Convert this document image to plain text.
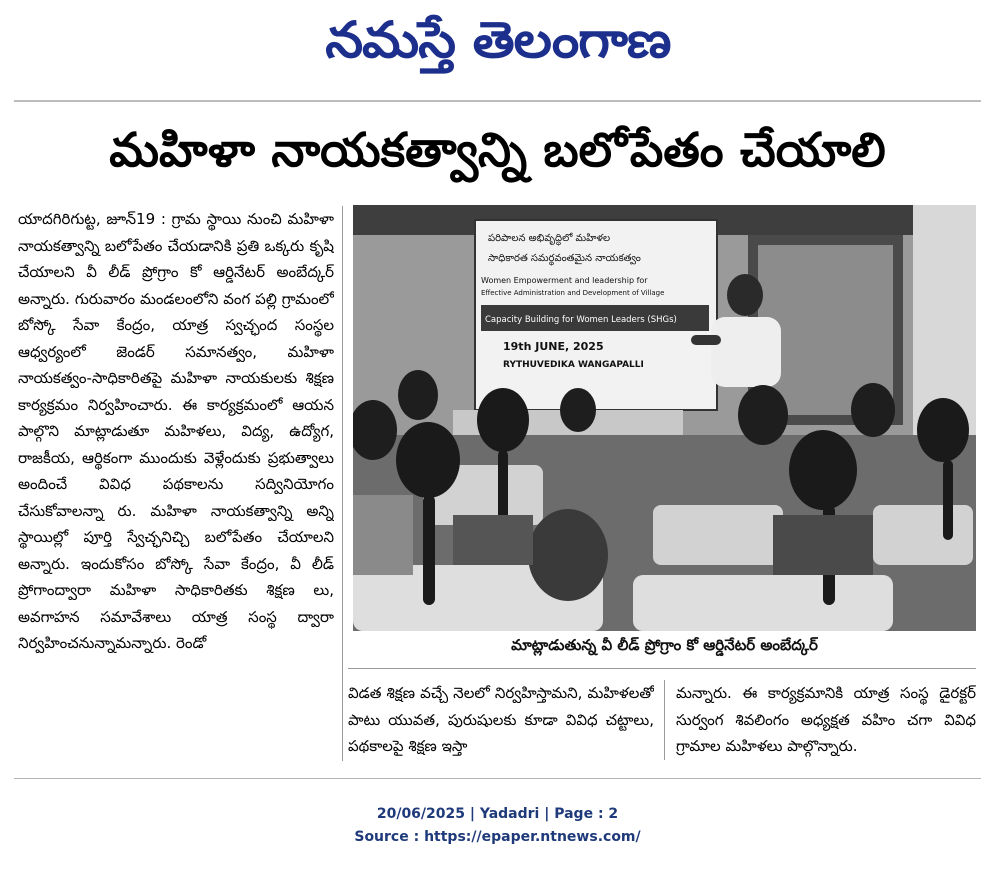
నమస్తే తెలంగాణ
మహిళా నాయకత్వాన్ని బలోపేతం చేయాలి
యాదగిరిగుట్ట, జూన్19 : గ్రామ స్థాయి నుంచి మహిళా నాయకత్వాన్ని బలోపేతం చేయడానికి ప్రతి ఒక్కరు కృషి చేయాలని వీ లీడ్ ప్రోగ్రాం కో ఆర్డినేటర్ అంబేద్కర్ అన్నారు. గురువారం మండలంలోని వంగ పల్లి గ్రామంలో బోస్కో సేవా కేంద్రం, యాత్ర స్వచ్ఛంద సంస్థల ఆధ్వర్యంలో జెండర్ సమానత్వం, మహిళా నాయకత్వం-సాధికారితపై మహిళా నాయకులకు శిక్షణ కార్యక్రమం నిర్వహించారు. ఈ కార్యక్రమంలో ఆయన పాల్గొని మాట్లాడుతూ మహిళలు, విద్య, ఉద్యోగ, రాజకీయ, ఆర్థికంగా ముందుకు వెళ్లేందుకు ప్రభుత్వాలు అందించే వివిధ పథకాలను సద్వినియోగం చేసుకోవాలన్నా రు. మహిళా నాయకత్వాన్ని అన్ని స్థాయిల్లో పూర్తి స్వేచ్ఛనిచ్చి బలోపేతం చేయాలని అన్నారు. ఇందుకోసం బోస్కో సేవా కేంద్రం, వీ లీడ్ ప్రోగాంద్వారా మహిళా సాధికారితకు శిక్షణ లు, అవగాహన సమావేశాలు యాత్ర సంస్థ ద్వారా నిర్వహించనున్నామన్నారు. రెండో
పరిపాలన అభివృద్ధిలో మహిళల
సాధికారత సమర్థవంతమైన నాయకత్వం
Women Empowerment and leadership for
Effective Administration and Development of Village
Capacity Building for Women Leaders (SHGs)
19th JUNE, 2025
RYTHUVEDIKA WANGAPALLI
మాట్లాడుతున్న వీ లీడ్ ప్రోగ్రాం కో ఆర్డినేటర్ అంబేద్కర్
విడత శిక్షణ వచ్చే నెలలో నిర్వహిస్తామని, మహిళలతో పాటు యువత, పురుషులకు కూడా వివిధ చట్టాలు, పథకాలపై శిక్షణ ఇస్తా
మన్నారు. ఈ కార్యక్రమానికి యాత్ర సంస్థ డైరక్టర్ సుర్వంగ శివలింగం అధ్యక్షత వహిం చగా వివిధ గ్రామాల మహిళలు పాల్గొన్నారు.
20/06/2025 | Yadadri | Page : 2
Source : https://epaper.ntnews.com/
